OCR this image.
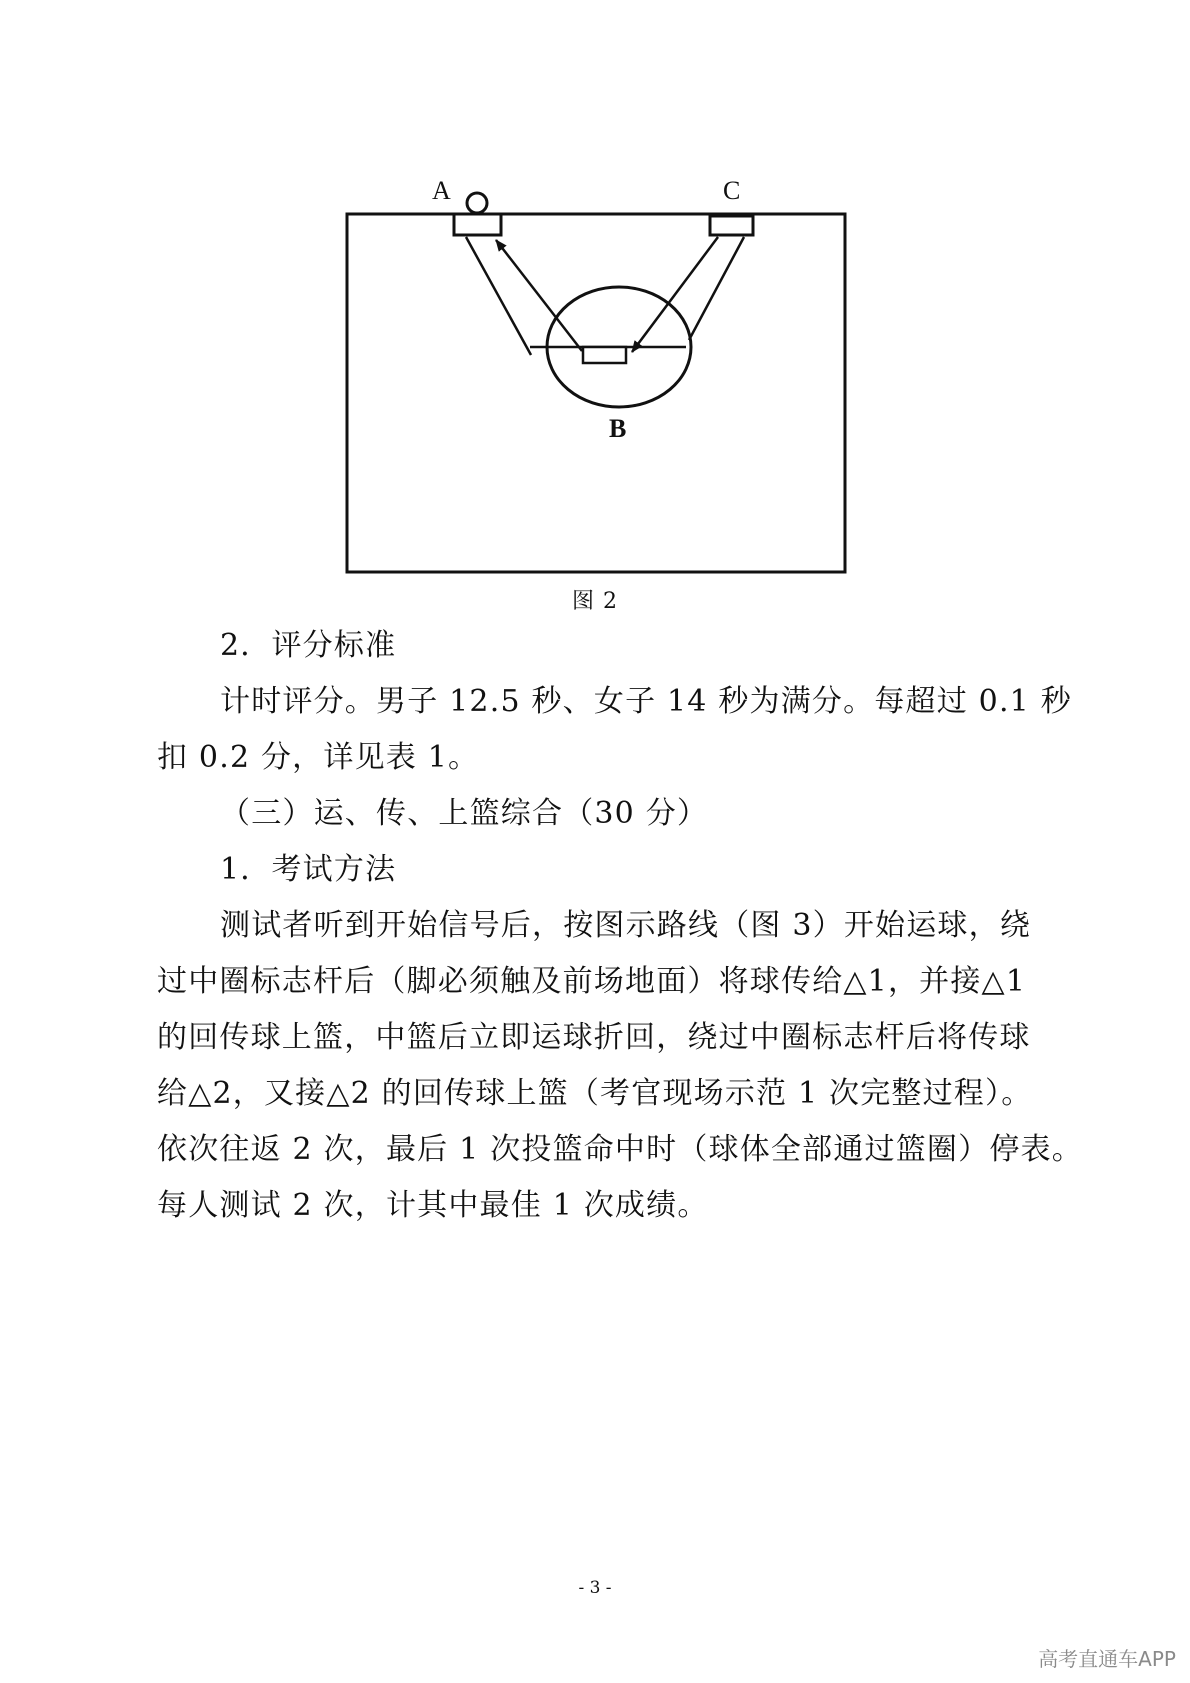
A	C
B
图 2
2．评分标准
计时评分。男子 12.5 秒、女子 14 秒为满分。每超过 0.1 秒
扣 0.2 分，详见表 1。
（三）运、传、上篮综合（30 分）
1．考试方法
测试者听到开始信号后，按图示路线（图 3）开始运球，绕
过中圈标志杆后（脚必须触及前场地面）将球传给△1，并接△1
的回传球上篮，中篮后立即运球折回，绕过中圈标志杆后将传球
给△2，又接△2 的回传球上篮（考官现场示范 1 次完整过程）。
依次往返 2 次，最后 1 次投篮命中时（球体全部通过篮圈）停表。
每人测试 2 次，计其中最佳 1 次成绩。
- 3 -
高考直通车APP
